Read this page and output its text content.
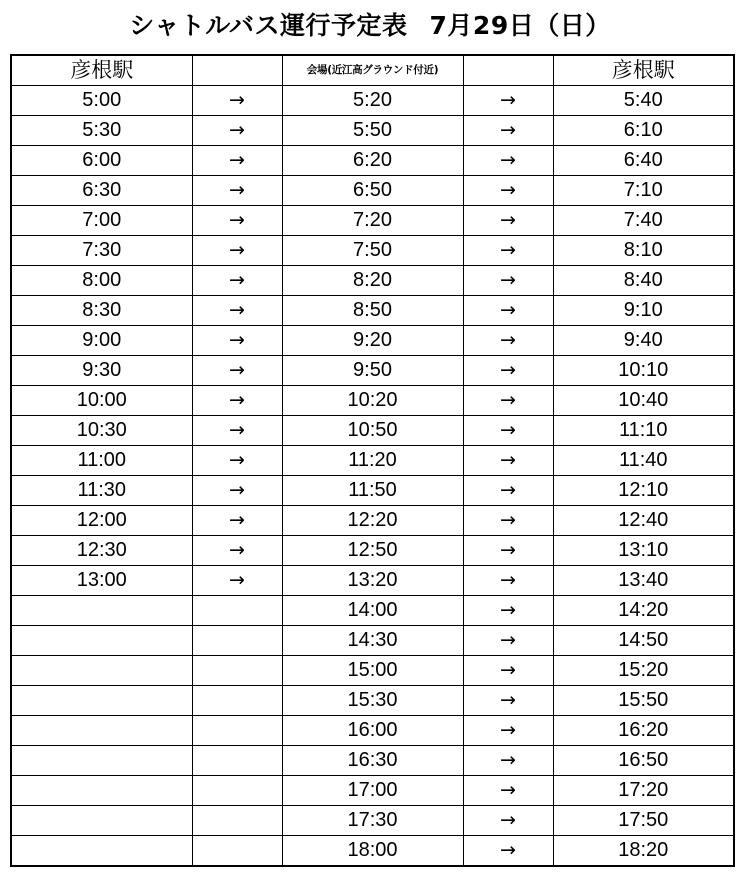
シャトルバス運行予定表 7月29日（日）
彦根駅		会場(近江高グラウンド付近)		彦根駅
5:00	→	5:20	→	5:40
5:30	→	5:50	→	6:10
6:00	→	6:20	→	6:40
6:30	→	6:50	→	7:10
7:00	→	7:20	→	7:40
7:30	→	7:50	→	8:10
8:00	→	8:20	→	8:40
8:30	→	8:50	→	9:10
9:00	→	9:20	→	9:40
9:30	→	9:50	→	10:10
10:00	→	10:20	→	10:40
10:30	→	10:50	→	11:10
11:00	→	11:20	→	11:40
11:30	→	11:50	→	12:10
12:00	→	12:20	→	12:40
12:30	→	12:50	→	13:10
13:00	→	13:20	→	13:40
		14:00	→	14:20
		14:30	→	14:50
		15:00	→	15:20
		15:30	→	15:50
		16:00	→	16:20
		16:30	→	16:50
		17:00	→	17:20
		17:30	→	17:50
		18:00	→	18:20
